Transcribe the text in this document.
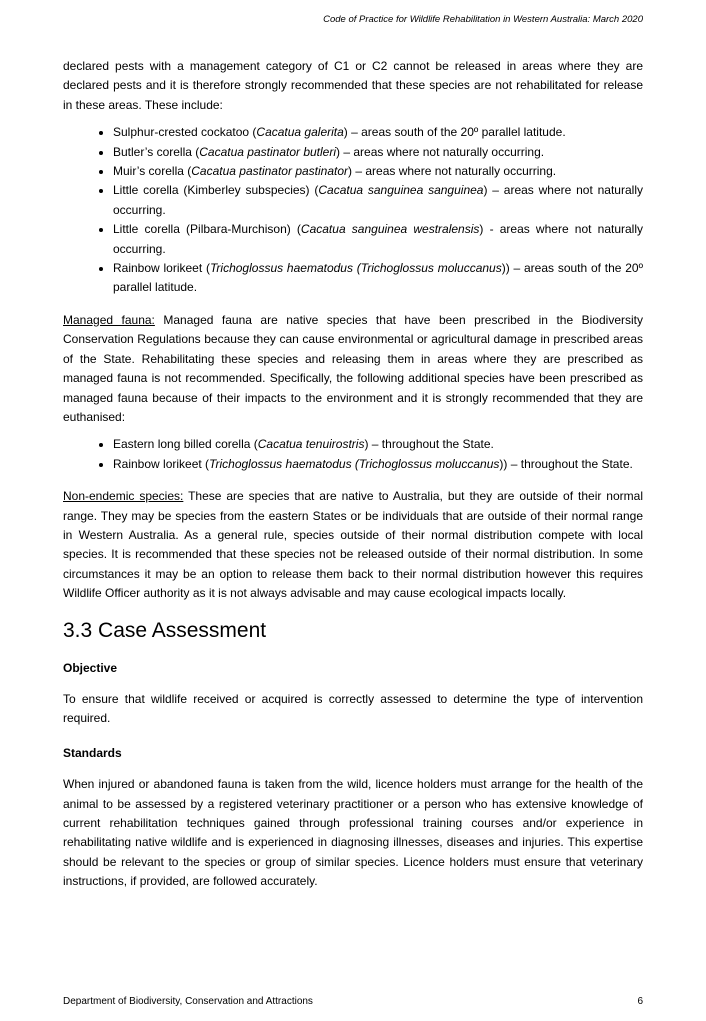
Code of Practice for Wildlife Rehabilitation in Western Australia: March 2020

declared pests with a management category of C1 or C2 cannot be released in areas where they are declared pests and it is therefore strongly recommended that these species are not rehabilitated for release in these areas. These include:

• Sulphur-crested cockatoo (Cacatua galerita) – areas south of the 20º parallel latitude.
• Butler’s corella (Cacatua pastinator butleri) – areas where not naturally occurring.
• Muir’s corella (Cacatua pastinator pastinator) – areas where not naturally occurring.
• Little corella (Kimberley subspecies) (Cacatua sanguinea sanguinea) – areas where not naturally occurring.
• Little corella (Pilbara-Murchison) (Cacatua sanguinea westralensis) - areas where not naturally occurring.
• Rainbow lorikeet (Trichoglossus haematodus (Trichoglossus moluccanus)) – areas south of the 20º parallel latitude.

Managed fauna: Managed fauna are native species that have been prescribed in the Biodiversity Conservation Regulations because they can cause environmental or agricultural damage in prescribed areas of the State. Rehabilitating these species and releasing them in areas where they are prescribed as managed fauna is not recommended. Specifically, the following additional species have been prescribed as managed fauna because of their impacts to the environment and it is strongly recommended that they are euthanised:

• Eastern long billed corella (Cacatua tenuirostris) – throughout the State.
• Rainbow lorikeet (Trichoglossus haematodus (Trichoglossus moluccanus)) – throughout the State.

Non-endemic species: These are species that are native to Australia, but they are outside of their normal range. They may be species from the eastern States or be individuals that are outside of their normal range in Western Australia. As a general rule, species outside of their normal distribution compete with local species. It is recommended that these species not be released outside of their normal distribution. In some circumstances it may be an option to release them back to their normal distribution however this requires Wildlife Officer authority as it is not always advisable and may cause ecological impacts locally.

3.3 Case Assessment
Objective

To ensure that wildlife received or acquired is correctly assessed to determine the type of intervention required.

Standards

When injured or abandoned fauna is taken from the wild, licence holders must arrange for the health of the animal to be assessed by a registered veterinary practitioner or a person who has extensive knowledge of current rehabilitation techniques gained through professional training courses and/or experience in rehabilitating native wildlife and is experienced in diagnosing illnesses, diseases and injuries. This expertise should be relevant to the species or group of similar species. Licence holders must ensure that veterinary instructions, if provided, are followed accurately.

Department of Biodiversity, Conservation and Attractions	6
